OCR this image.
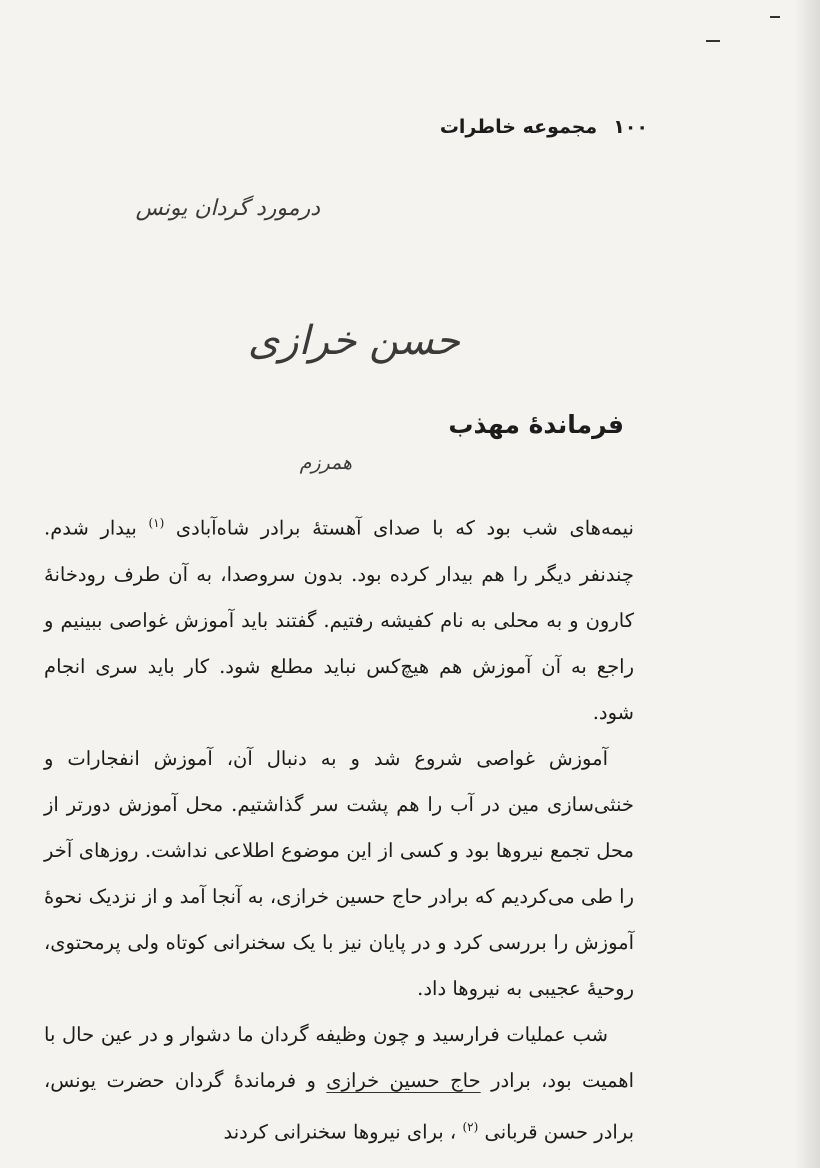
۱۰۰
مجموعه خاطرات
درمورد گردان یونس
حسن خرازی
همرزم
فرماندهٔ مهذب

نیمه‌های شب بود که با صدای آهستهٔ برادر شاه‌آبادی $^{(۱)}$ بیدار شدم. چندنفر دیگر را هم بیدار کرده بود. بدون سروصدا، به آن طرف رودخانهٔ کارون و به محلی به نام کفیشه رفتیم. گفتند باید آموزش غواصی ببینیم و راجع به آن آموزش هم هیچ‌کس نباید مطلع شود. کار باید سری انجام شود.

آموزش غواصی شروع شد و به دنبال آن، آموزش انفجارات و خنثی‌سازی مین در آب را هم پشت سر گذاشتیم. محل آموزش دورتر از محل تجمع نیروها بود و کسی از این موضوع اطلاعی نداشت. روزهای آخر را طی می‌کردیم که برادر حاج حسین خرازی، به آنجا آمد و از نزدیک نحوهٔ آموزش را بررسی کرد و در پایان نیز با یک سخنرانی کوتاه ولی پرمحتوی، روحیهٔ عجیبی به نیروها داد.

شب عملیات فرارسید و چون وظیفه گردان ما دشوار و در عین حال با اهمیت بود، برادر حاج حسین خرازی و فرماندهٔ گردان حضرت یونس، برادر حسن قربانی $^{(۲)}$ ، برای نیروها سخنرانی کردند
